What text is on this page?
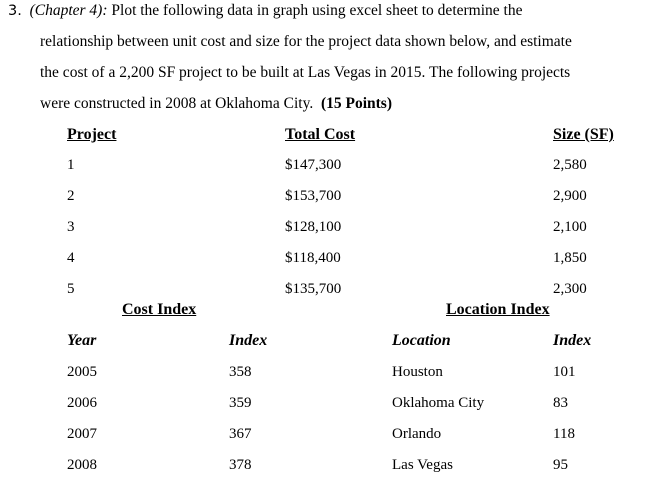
3. (Chapter 4): Plot the following data in graph using excel sheet to determine the
relationship between unit cost and size for the project data shown below, and estimate
the cost of a 2,200 SF project to be built at Las Vegas in 2015. The following projects
were constructed in 2008 at Oklahoma City. (15 Points)
Project	Total Cost	Size (SF)
1	$147,300	2,580
2	$153,700	2,900
3	$128,100	2,100
4	$118,400	1,850
5	$135,700	2,300
Cost Index
Year	Index
2005	358
2006	359
2007	367
2008	378
Location Index
Location	Index
Houston	101
Oklahoma City	83
Orlando	118
Las Vegas	95
